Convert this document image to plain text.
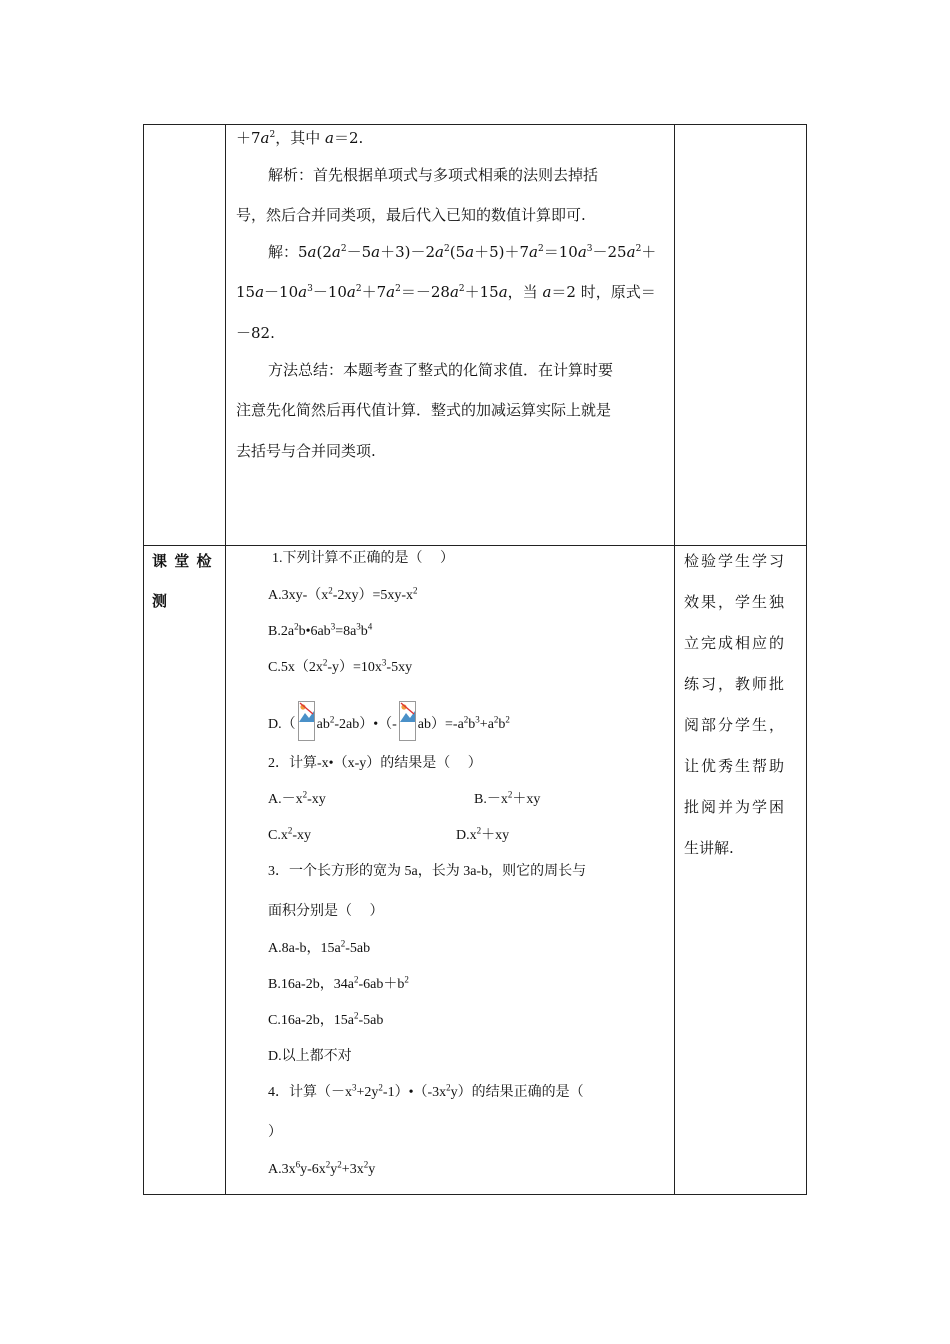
$+7a^2$，其中 a＝2.
解析：首先根据单项式与多项式相乘的法则去掉括
号，然后合并同类项，最后代入已知的数值计算即可.
解：$5a(2a^2-5a+3)-2a^2(5a+5)+7a^2=10a^3-25a^2+$
$15a-10a^3-10a^2+7a^2=-28a^2+15a$，当 a＝2 时，原式＝
－82.
方法总结：本题考查了整式的化简求值．在计算时要
注意先化简然后再代值计算．整式的加减运算实际上就是
去括号与合并同类项.
课 堂 检
测
检验学生学习
效果，学生独
立完成相应的
练习，教师批
阅部分学生，
让优秀生帮助
批阅并为学困
生讲解.
1.下列计算不正确的是（　 ）
$A.3xy-(x^2-2xy)=5xy-x^2$
$B.2a^2b•6ab^3=8a^3b^4$
$C.5x(2x^2-y)=10x^3-5xy$
D.（ $ab^2-2ab)•(-$ $ab)=-a^2b^3+a^2b^2$
2．计算-x•（x-y）的结果是（　 ）
$A.-x^2-xy$	$B.-x^2+xy$
$C.x^2-xy$	$D.x^2+xy$
3．一个长方形的宽为 5a，长为 3a-b，则它的周长与
面积分别是（　 ）
A.8a-b，$15a^2-5ab$
B.16a-2b，$34a^2-6ab+b^2$
C.16a-2b，$15a^2-5ab$
D.以上都不对
4．计算$(-x^3+2y^2-1)•(-3x^2y)$的结果正确的是（
）
$A.3x^6y-6x^2y^2+3x^2y$
